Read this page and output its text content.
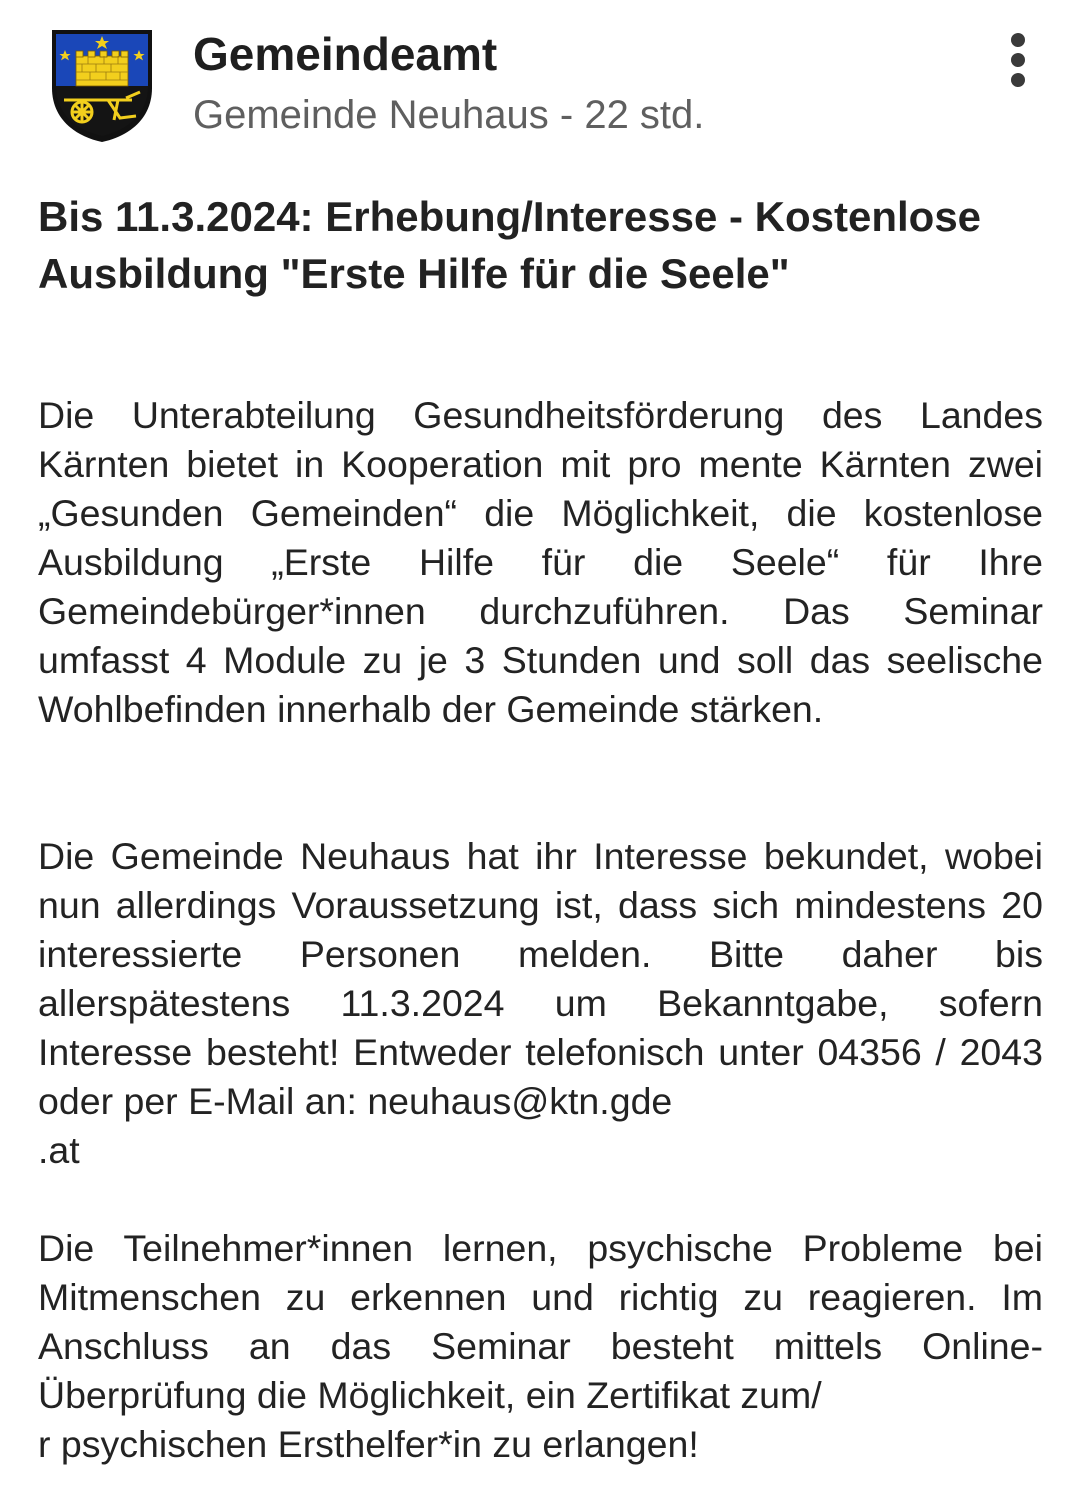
Gemeindeamt
Gemeinde Neuhaus - 22 std.
Bis 11.3.2024: Erhebung/Interesse - Kostenlose Ausbildung "Erste Hilfe für die Seele"

Die Unterabteilung Gesundheitsförderung des Landes Kärnten bietet in Kooperation mit pro mente Kärnten zwei „Gesunden Gemeinden“ die Möglichkeit, die kostenlose Ausbildung „Erste Hilfe für die Seele“ für Ihre Gemeindebürger*innen durchzuführen. Das Seminar umfasst 4 Module zu je 3 Stunden und soll das seelische Wohlbefinden innerhalb der Gemeinde stärken.

Die Gemeinde Neuhaus hat ihr Interesse bekundet, wobei nun allerdings Voraussetzung ist, dass sich mindestens 20 interessierte Personen melden. Bitte daher bis allerspätestens 11.3.2024 um Bekanntgabe, sofern Interesse besteht! Entweder telefonisch unter 04356 / 2043 oder per E-Mail an: neuhaus@ktn.gde
.at

Die Teilnehmer*innen lernen, psychische Probleme bei Mitmenschen zu erkennen und richtig zu reagieren. Im Anschluss an das Seminar besteht mittels Online-Überprüfung die Möglichkeit, ein Zertifikat zum/
r psychischen Ersthelfer*in zu erlangen!
